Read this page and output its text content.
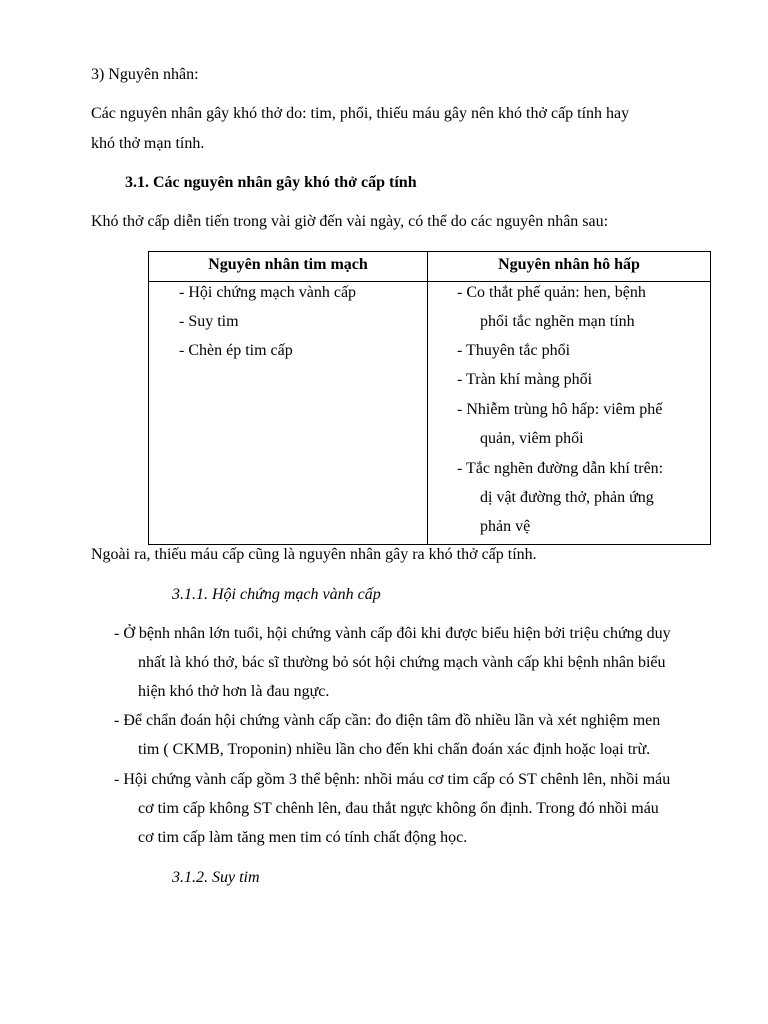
3) Nguyên nhân:
Các nguyên nhân gây khó thở do: tim, phổi, thiếu máu gây nên khó thở cấp tính hay
khó thở mạn tính.
3.1. Các nguyên nhân gây khó thở cấp tính
Khó thở cấp diễn tiến trong vài giờ đến vài ngày, có thể do các nguyên nhân sau:
Nguyên nhân tim mạch	Nguyên nhân hô hấp
- Hội chứng mạch vành cấp
- Suy tim
- Chèn ép tim cấp
- Co thắt phế quản: hen, bệnh
phổi tắc nghẽn mạn tính
- Thuyên tắc phổi
- Tràn khí màng phổi
- Nhiễm trùng hô hấp: viêm phế
quản, viêm phổi
- Tắc nghẽn đường dẫn khí trên:
dị vật đường thở, phản ứng
phản vệ
Ngoài ra, thiếu máu cấp cũng là nguyên nhân gây ra khó thở cấp tính.
3.1.1. Hội chứng mạch vành cấp
- Ở bệnh nhân lớn tuổi, hội chứng vành cấp đôi khi được biểu hiện bởi triệu chứng duy
nhất là khó thở, bác sĩ thường bỏ sót hội chứng mạch vành cấp khi bệnh nhân biểu
hiện khó thở hơn là đau ngực.
- Để chẩn đoán hội chứng vành cấp cần: đo điện tâm đồ nhiều lần và xét nghiệm men
tim ( CKMB, Troponin) nhiều lần cho đến khi chẩn đoán xác định hoặc loại trừ.
- Hội chứng vành cấp gồm 3 thể bệnh: nhồi máu cơ tim cấp có ST chênh lên, nhồi máu
cơ tim cấp không ST chênh lên, đau thắt ngực không ổn định. Trong đó nhồi máu
cơ tim cấp làm tăng men tim có tính chất động học.
3.1.2. Suy tim
